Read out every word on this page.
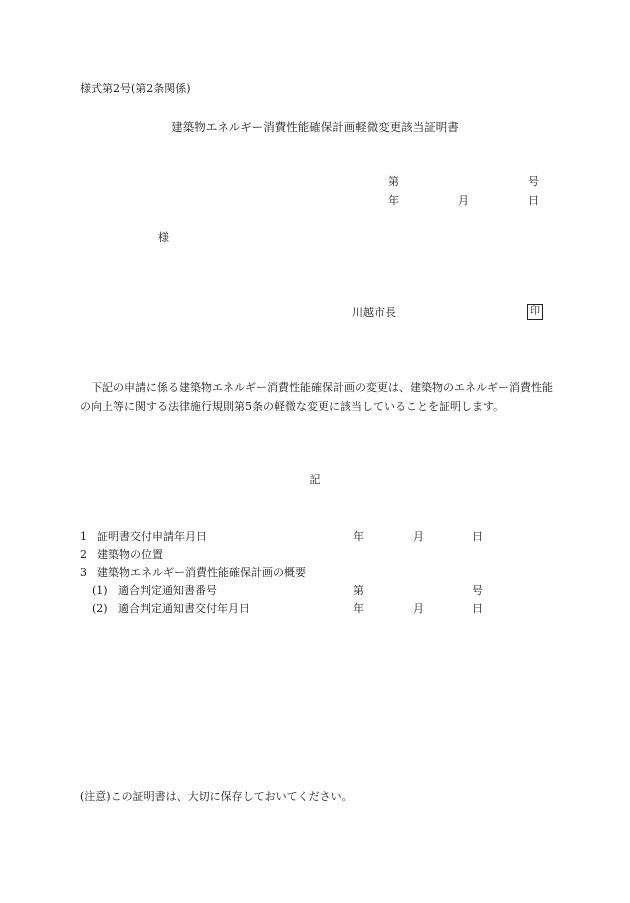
様式第2号(第2条関係)
建築物エネルギー消費性能確保計画軽微変更該当証明書
第	号
年	月	日
様
川越市長	印
下記の申請に係る建築物エネルギー消費性能確保計画の変更は、建築物のエネルギー消費性能の向上等に関する法律施行規則第5条の軽微な変更に該当していることを証明します。
記
1 証明書交付申請年月日	年	月	日
2 建築物の位置
3 建築物エネルギー消費性能確保計画の概要
(1) 適合判定通知書番号	第	号
(2) 適合判定通知書交付年月日	年	月	日
(注意)この証明書は、大切に保存しておいてください。
